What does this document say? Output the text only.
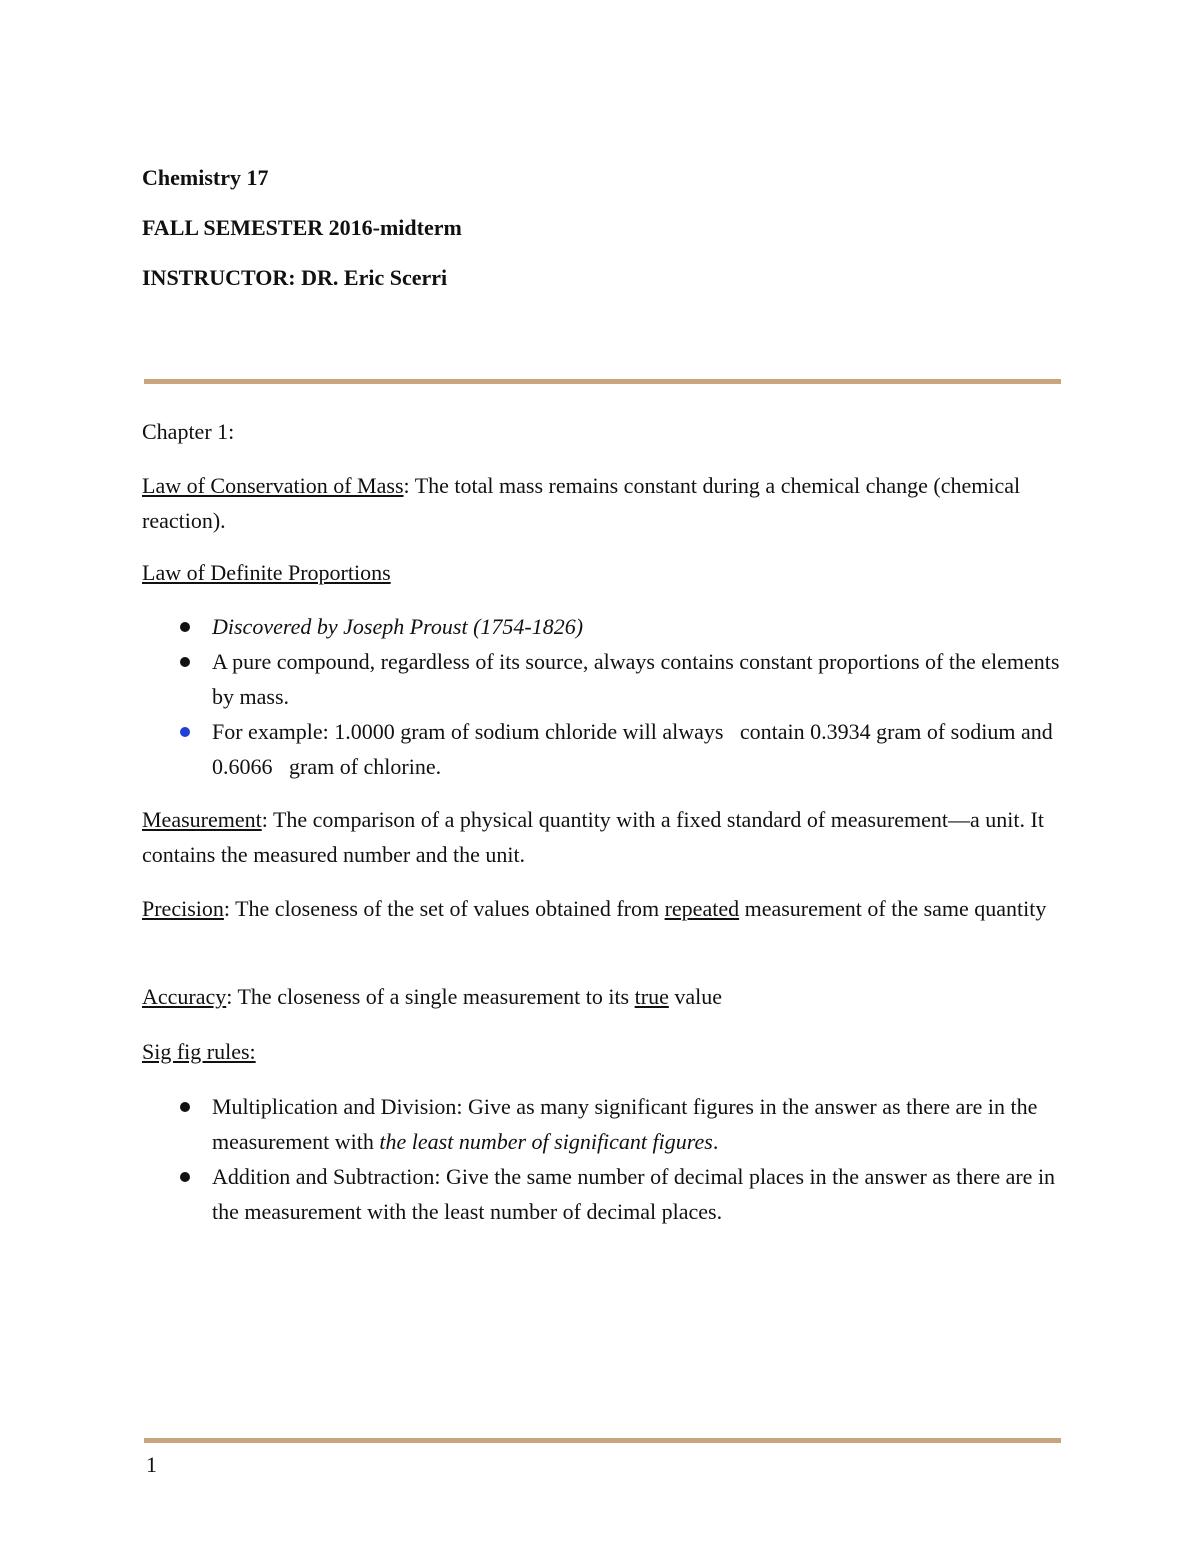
Chemistry 17
FALL SEMESTER 2016-midterm
INSTRUCTOR: DR. Eric Scerri
Chapter 1:
Law of Conservation of Mass: The total mass remains constant during a chemical change (chemical reaction).
Law of Definite Proportions
Discovered by Joseph Proust (1754-1826)
A pure compound, regardless of its source, always contains constant proportions of the elements by mass.
For example: 1.0000 gram of sodium chloride will always   contain 0.3934 gram of sodium and 0.6066   gram of chlorine.
Measurement: The comparison of a physical quantity with a fixed standard of measurement—a unit. It contains the measured number and the unit.
Precision: The closeness of the set of values obtained from repeated measurement of the same quantity
Accuracy: The closeness of a single measurement to its true value
Sig fig rules:
Multiplication and Division: Give as many significant figures in the answer as there are in the measurement with the least number of significant figures.
Addition and Subtraction: Give the same number of decimal places in the answer as there are in the measurement with the least number of decimal places.
1
